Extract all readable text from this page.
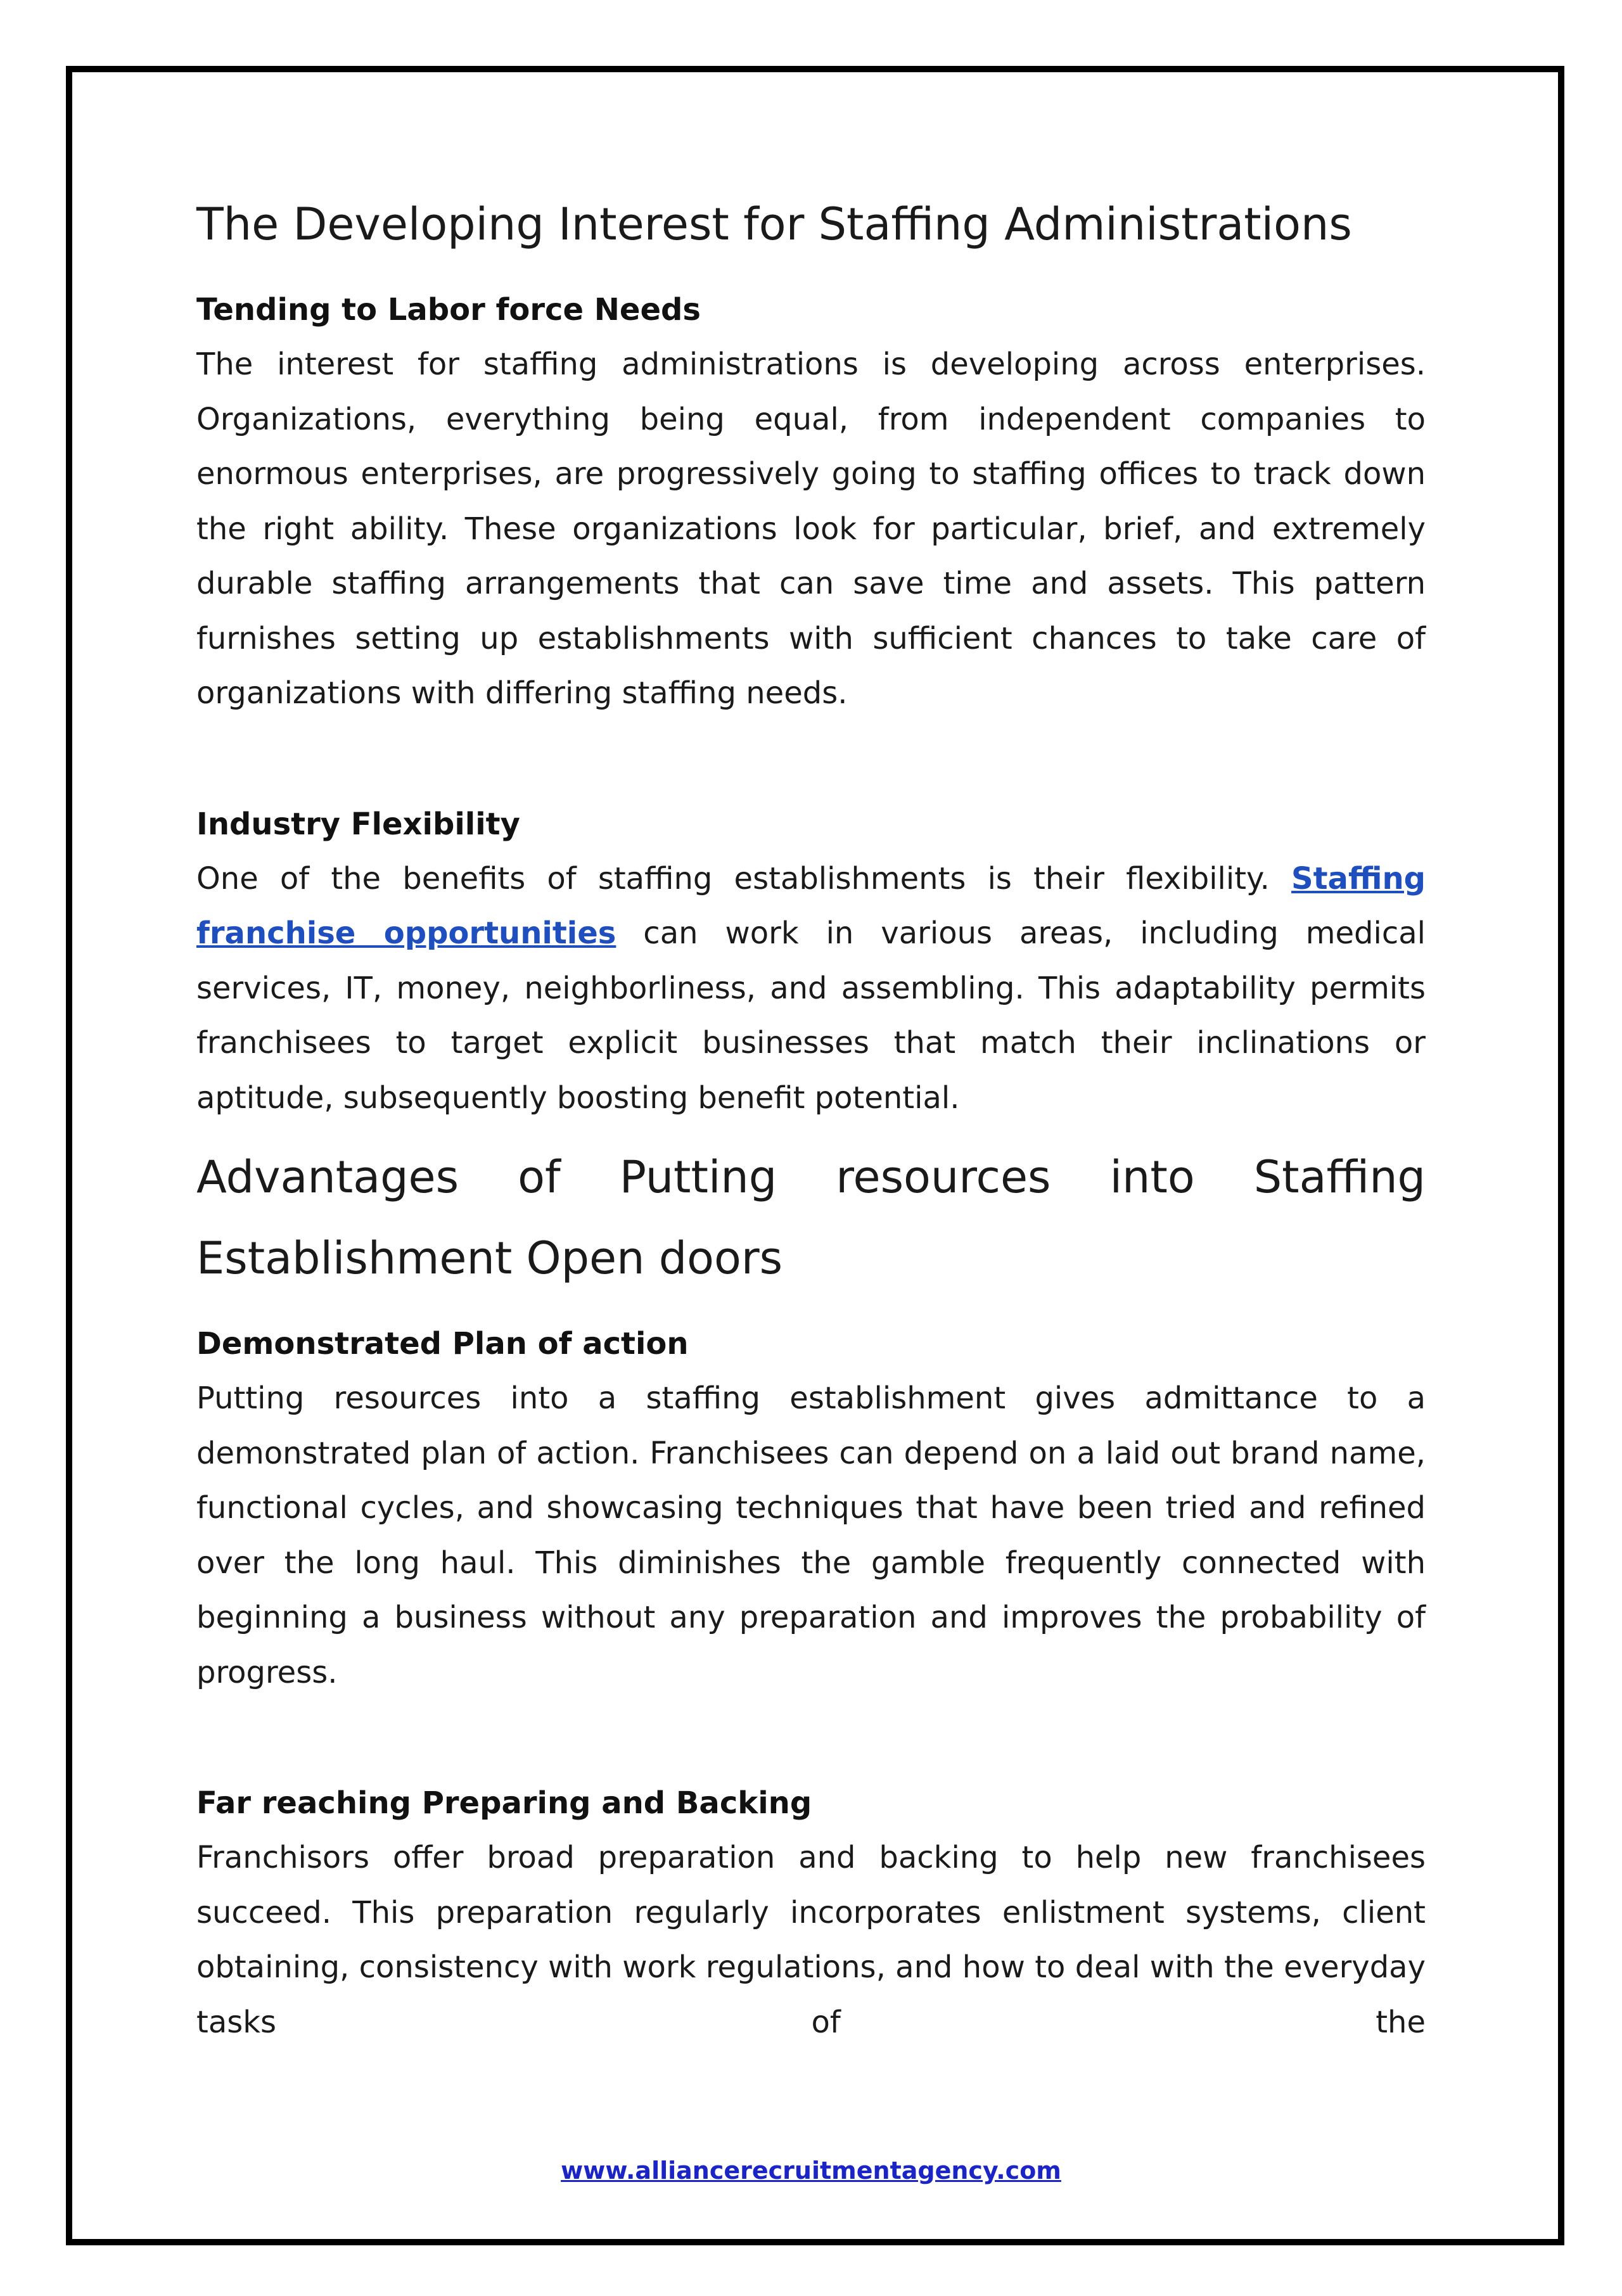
The Developing Interest for Staffing Administrations
Tending to Labor force Needs

The interest for staffing administrations is developing across enterprises. Organizations, everything being equal, from independent companies to enormous enterprises, are progressively going to staffing offices to track down the right ability. These organizations look for particular, brief, and extremely durable staffing arrangements that can save time and assets. This pattern furnishes setting up establishments with sufficient chances to take care of organizations with differing staffing needs.

Industry Flexibility

One of the benefits of staffing establishments is their flexibility. Staffing franchise opportunities can work in various areas, including medical services, IT, money, neighborliness, and assembling. This adaptability permits franchisees to target explicit businesses that match their inclinations or aptitude, subsequently boosting benefit potential.

Advantages of Putting resources into Staffing Establishment Open doors
Demonstrated Plan of action

Putting resources into a staffing establishment gives admittance to a demonstrated plan of action. Franchisees can depend on a laid out brand name, functional cycles, and showcasing techniques that have been tried and refined over the long haul. This diminishes the gamble frequently connected with beginning a business without any preparation and improves the probability of progress.

Far reaching Preparing and Backing

Franchisors offer broad preparation and backing to help new franchisees succeed. This preparation regularly incorporates enlistment systems, client obtaining, consistency with work regulations, and how to deal with the everyday tasks of the

www.alliancerecruitmentagency.com
